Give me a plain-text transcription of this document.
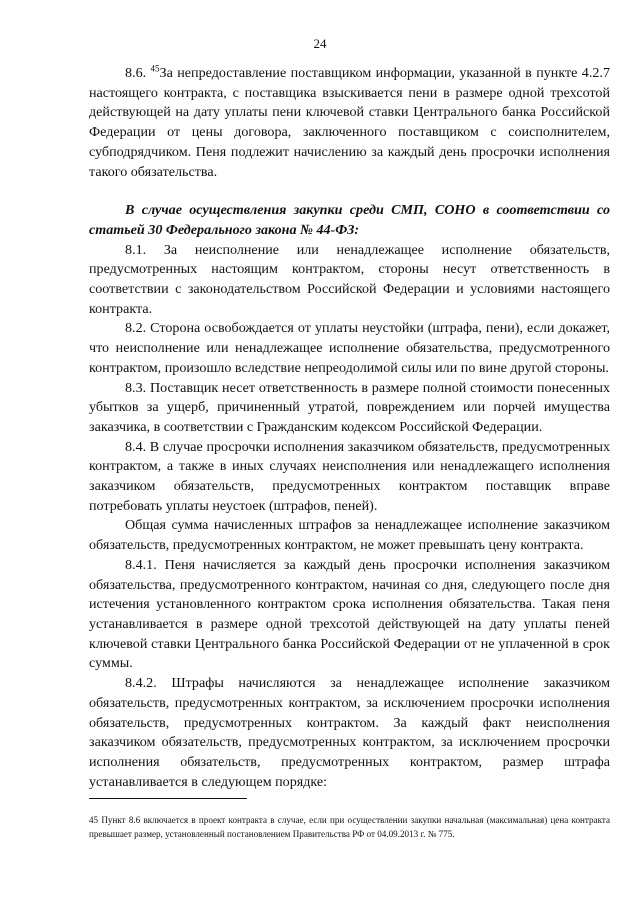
24

8.6. $^{45}$За непредоставление поставщиком информации, указанной в пункте 4.2.7 настоящего контракта, с поставщика взыскивается пени в размере одной трехсотой действующей на дату уплаты пени ключевой ставки Центрального банка Российской Федерации от цены договора, заключенного поставщиком с соисполнителем, субподрядчиком. Пеня подлежит начислению за каждый день просрочки исполнения такого обязательства.

В случае осуществления закупки среди СМП, СОНО в соответствии со статьей 30 Федерального закона № 44-ФЗ:

8.1. За неисполнение или ненадлежащее исполнение обязательств, предусмотренных настоящим контрактом, стороны несут ответственность в соответствии с законодательством Российской Федерации и условиями настоящего контракта.

8.2. Сторона освобождается от уплаты неустойки (штрафа, пени), если докажет, что неисполнение или ненадлежащее исполнение обязательства, предусмотренного контрактом, произошло вследствие непреодолимой силы или по вине другой стороны.

8.3. Поставщик несет ответственность в размере полной стоимости понесенных убытков за ущерб, причиненный утратой, повреждением или порчей имущества заказчика, в соответствии с Гражданским кодексом Российской Федерации.

8.4. В случае просрочки исполнения заказчиком обязательств, предусмотренных контрактом, а также в иных случаях неисполнения или ненадлежащего исполнения заказчиком обязательств, предусмотренных контрактом поставщик вправе потребовать уплаты неустоек (штрафов, пеней).

Общая сумма начисленных штрафов за ненадлежащее исполнение заказчиком обязательств, предусмотренных контрактом, не может превышать цену контракта.

8.4.1. Пеня начисляется за каждый день просрочки исполнения заказчиком обязательства, предусмотренного контрактом, начиная со дня, следующего после дня истечения установленного контрактом срока исполнения обязательства. Такая пеня устанавливается в размере одной трехсотой действующей на дату уплаты пеней ключевой ставки Центрального банка Российской Федерации от не уплаченной в срок суммы.

8.4.2. Штрафы начисляются за ненадлежащее исполнение заказчиком обязательств, предусмотренных контрактом, за исключением просрочки исполнения обязательств, предусмотренных контрактом. За каждый факт неисполнения заказчиком обязательств, предусмотренных контрактом, за исключением просрочки исполнения обязательств, предусмотренных контрактом, размер штрафа устанавливается в следующем порядке:

45 Пункт 8.6 включается в проект контракта в случае, если при осуществлении закупки начальная (максимальная) цена контракта превышает размер, установленный постановлением Правительства РФ от 04.09.2013 г. № 775.
